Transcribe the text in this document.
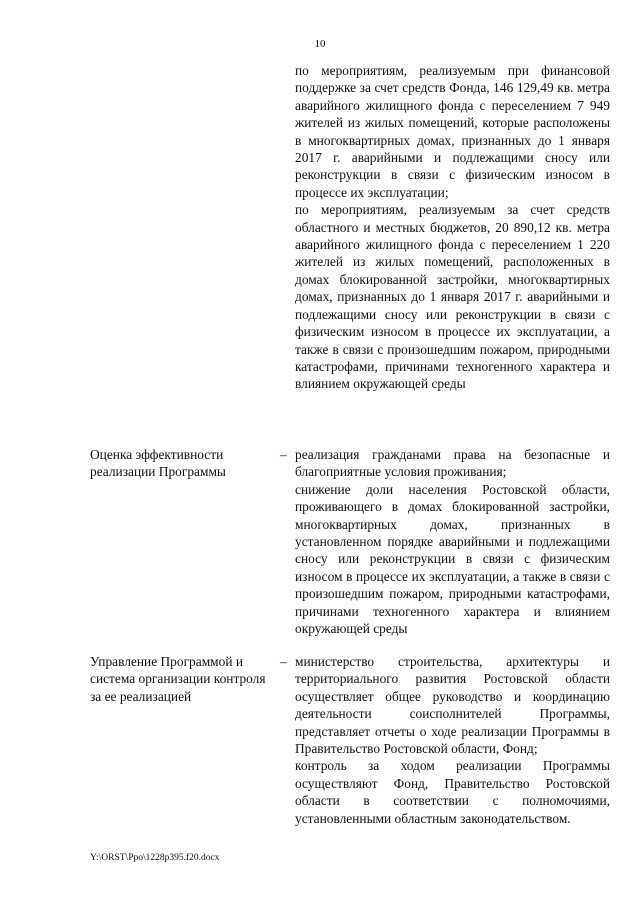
10

по мероприятиям, реализуемым при финансовой поддержке за счет средств Фонда, 146 129,49 кв. метра аварийного жилищного фонда с переселением 7 949 жителей из жилых помещений, которые расположены в многоквартирных домах, признанных до 1 января 2017 г. аварийными и подлежащими сносу или реконструкции в связи с физическим износом в процессе их эксплуатации;

по мероприятиям, реализуемым за счет средств областного и местных бюджетов, 20 890,12 кв. метра аварийного жилищного фонда с переселением 1 220 жителей из жилых помещений, расположенных в домах блокированной застройки, многоквартирных домах, признанных до 1 января 2017 г. аварийными и подлежащими сносу или реконструкции в связи с физическим износом в процессе их эксплуатации, а также в связи с произошедшим пожаром, природными катастрофами, причинами техногенного характера и влиянием окружающей среды

Оценка эффективности реализации Программы
– реализация гражданами права на безопасные и благоприятные условия проживания;

снижение доли населения Ростовской области, проживающего в домах блокированной застройки, многоквартирных домах, признанных в установленном порядке аварийными и подлежащими сносу или реконструкции в связи с физическим износом в процессе их эксплуатации, а также в связи с произошедшим пожаром, природными катастрофами, причинами техногенного характера и влиянием окружающей среды

Управление Программой и система организации контроля за ее реализацией
– министерство строительства, архитектуры и территориального развития Ростовской области осуществляет общее руководство и координацию деятельности соисполнителей Программы, представляет отчеты о ходе реализации Программы в Правительство Ростовской области, Фонд;

контроль за ходом реализации Программы осуществляют Фонд, Правительство Ростовской области в соответствии с полномочиями, установленными областным законодательством.

Y:\ORST\Ppo\1228p395.f20.docx
